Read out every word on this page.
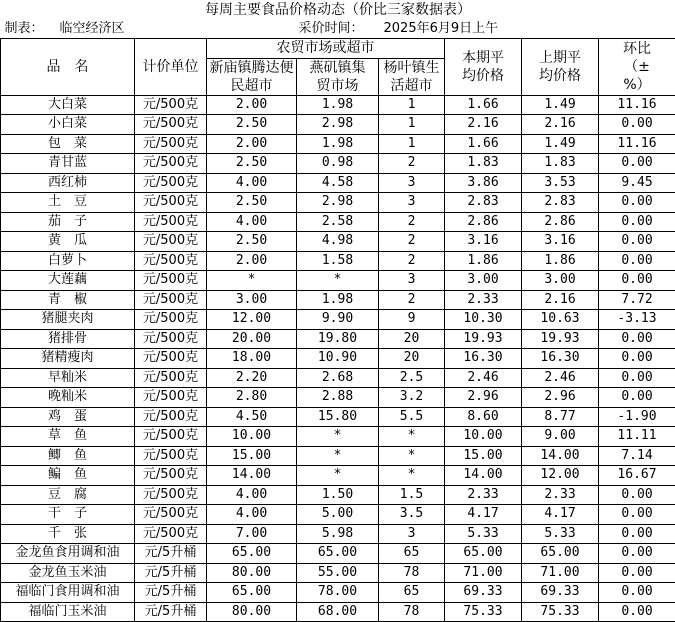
每周主要食品价格动态（价比三家数据表）							
制表： 临空经济区			采价时间： 2025年6月9日上午				
品　名	计价单位	农贸市场或超市			本期平均价格	上期平均价格	环比（±%）
		新庙镇腾达便民超市	燕矶镇集贸市场	杨叶镇生活超市			
大白菜	元/500克	2.00	1.98	1	1.66	1.49	11.16
小白菜	元/500克	2.50	2.98	1	2.16	2.16	0.00
包　菜	元/500克	2.00	1.98	1	1.66	1.49	11.16
青甘蓝	元/500克	2.50	0.98	2	1.83	1.83	0.00
西红柿	元/500克	4.00	4.58	3	3.86	3.53	9.45
土　豆	元/500克	2.50	2.98	3	2.83	2.83	0.00
茄　子	元/500克	4.00	2.58	2	2.86	2.86	0.00
黄　瓜	元/500克	2.50	4.98	2	3.16	3.16	0.00
白萝卜	元/500克	2.00	1.58	2	1.86	1.86	0.00
大莲藕	元/500克	*	*	3	3.00	3.00	0.00
青　椒	元/500克	3.00	1.98	2	2.33	2.16	7.72
猪腿夹肉	元/500克	12.00	9.90	9	10.30	10.63	-3.13
猪排骨	元/500克	20.00	19.80	20	19.93	19.93	0.00
猪精瘦肉	元/500克	18.00	10.90	20	16.30	16.30	0.00
早籼米	元/500克	2.20	2.68	2.5	2.46	2.46	0.00
晚籼米	元/500克	2.80	2.88	3.2	2.96	2.96	0.00
鸡　蛋	元/500克	4.50	15.80	5.5	8.60	8.77	-1.90
草　鱼	元/500克	10.00	*	*	10.00	9.00	11.11
鲫　鱼	元/500克	15.00	*	*	15.00	14.00	7.14
鳊　鱼	元/500克	14.00	*	*	14.00	12.00	16.67
豆　腐	元/500克	4.00	1.50	1.5	2.33	2.33	0.00
干　子	元/500克	4.00	5.00	3.5	4.17	4.17	0.00
千　张	元/500克	7.00	5.98	3	5.33	5.33	0.00
金龙鱼食用调和油	元/5升桶	65.00	65.00	65	65.00	65.00	0.00
金龙鱼玉米油	元/5升桶	80.00	55.00	78	71.00	71.00	0.00
福临门食用调和油	元/5升桶	65.00	78.00	65	69.33	69.33	0.00
福临门玉米油	元/5升桶	80.00	68.00	78	75.33	75.33	0.00
